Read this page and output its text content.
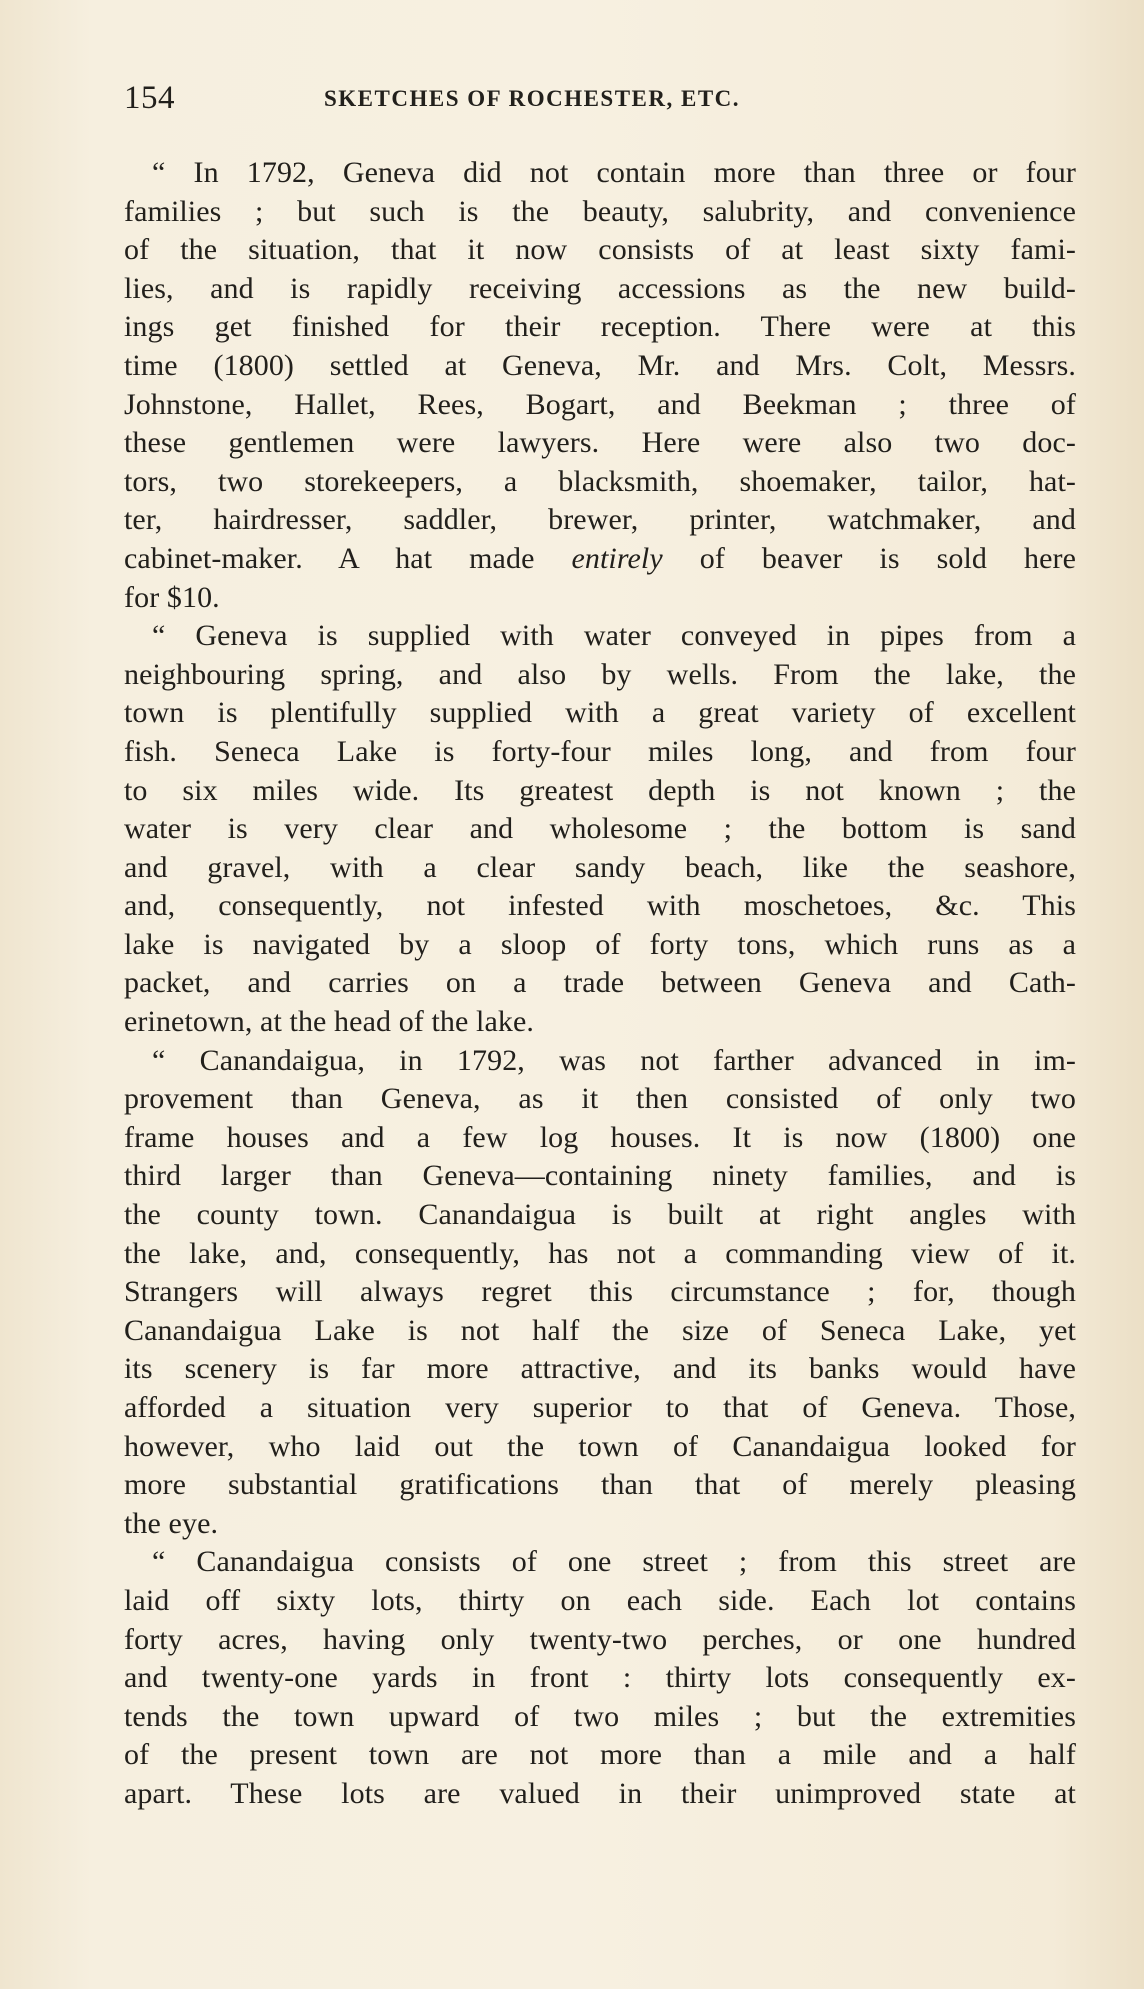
154	SKETCHES OF ROCHESTER, ETC.
“ In 1792, Geneva did not contain more than three or four
families ; but such is the beauty, salubrity, and convenience
of the situation, that it now consists of at least sixty fami-
lies, and is rapidly receiving accessions as the new build-
ings get finished for their reception. There were at this
time (1800) settled at Geneva, Mr. and Mrs. Colt, Messrs.
Johnstone, Hallet, Rees, Bogart, and Beekman ; three of
these gentlemen were lawyers. Here were also two doc-
tors, two storekeepers, a blacksmith, shoemaker, tailor, hat-
ter, hairdresser, saddler, brewer, printer, watchmaker, and
cabinet-maker. A hat made entirely of beaver is sold here
for $10.
“ Geneva is supplied with water conveyed in pipes from a
neighbouring spring, and also by wells. From the lake, the
town is plentifully supplied with a great variety of excellent
fish. Seneca Lake is forty-four miles long, and from four
to six miles wide. Its greatest depth is not known ; the
water is very clear and wholesome ; the bottom is sand
and gravel, with a clear sandy beach, like the seashore,
and, consequently, not infested with moschetoes, &c. This
lake is navigated by a sloop of forty tons, which runs as a
packet, and carries on a trade between Geneva and Cath-
erinetown, at the head of the lake.
“ Canandaigua, in 1792, was not farther advanced in im-
provement than Geneva, as it then consisted of only two
frame houses and a few log houses. It is now (1800) one
third larger than Geneva—containing ninety families, and is
the county town. Canandaigua is built at right angles with
the lake, and, consequently, has not a commanding view of it.
Strangers will always regret this circumstance ; for, though
Canandaigua Lake is not half the size of Seneca Lake, yet
its scenery is far more attractive, and its banks would have
afforded a situation very superior to that of Geneva. Those,
however, who laid out the town of Canandaigua looked for
more substantial gratifications than that of merely pleasing
the eye.
“ Canandaigua consists of one street ; from this street are
laid off sixty lots, thirty on each side. Each lot contains
forty acres, having only twenty-two perches, or one hundred
and twenty-one yards in front : thirty lots consequently ex-
tends the town upward of two miles ; but the extremities
of the present town are not more than a mile and a half
apart. These lots are valued in their unimproved state at
